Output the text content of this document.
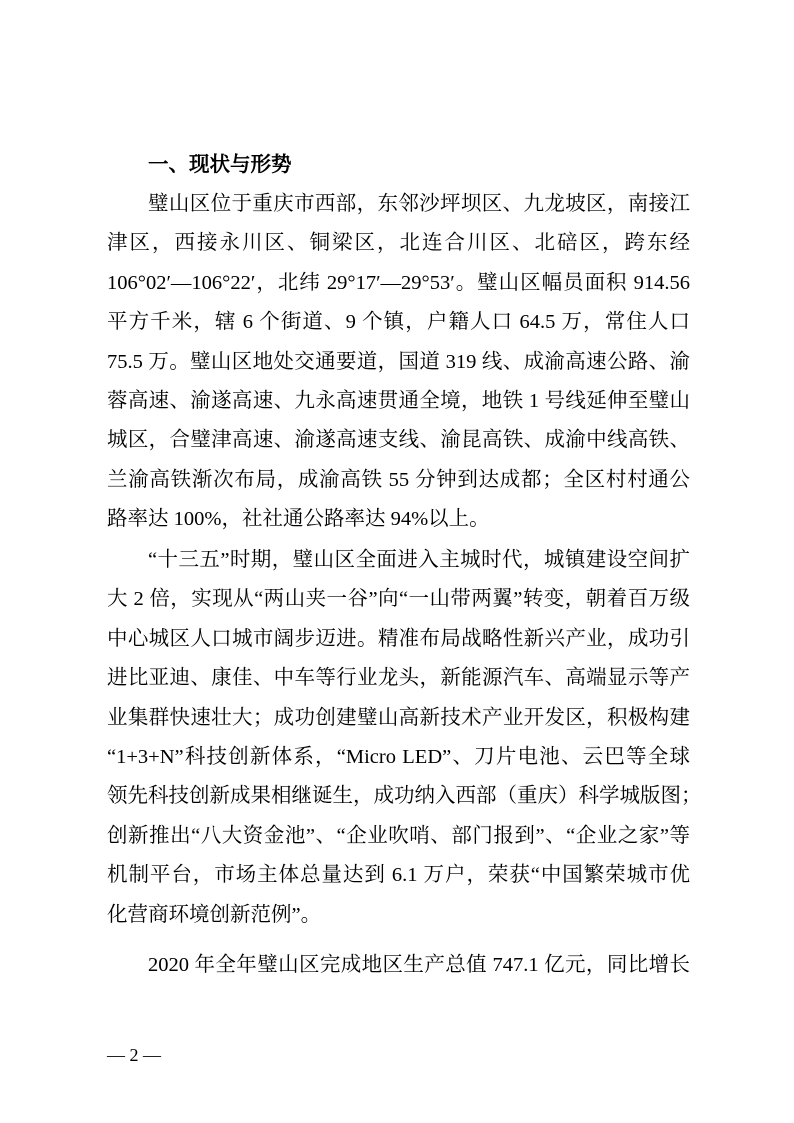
一、现状与形势
璧山区位于重庆市西部，东邻沙坪坝区、九龙坡区，南接江
津区，西接永川区、铜梁区，北连合川区、北碚区，跨东经
106°02′—106°22′，北纬 29°17′—29°53′。璧山区幅员面积 914.56
平方千米，辖 6 个街道、9 个镇，户籍人口 64.5 万，常住人口
75.5 万。璧山区地处交通要道，国道 319 线、成渝高速公路、渝
蓉高速、渝遂高速、九永高速贯通全境，地铁 1 号线延伸至璧山
城区，合璧津高速、渝遂高速支线、渝昆高铁、成渝中线高铁、
兰渝高铁渐次布局，成渝高铁 55 分钟到达成都；全区村村通公
路率达 100%，社社通公路率达 94%以上。
“十三五”时期，璧山区全面进入主城时代，城镇建设空间扩
大 2 倍，实现从“两山夹一谷”向“一山带两翼”转变，朝着百万级
中心城区人口城市阔步迈进。精准布局战略性新兴产业，成功引
进比亚迪、康佳、中车等行业龙头，新能源汽车、高端显示等产
业集群快速壮大；成功创建璧山高新技术产业开发区，积极构建
“1+3+N”科技创新体系，“Micro LED”、刀片电池、云巴等全球
领先科技创新成果相继诞生，成功纳入西部（重庆）科学城版图；
创新推出“八大资金池”、“企业吹哨、部门报到”、“企业之家”等
机制平台，市场主体总量达到 6.1 万户，荣获“中国繁荣城市优
化营商环境创新范例”。
2020 年全年璧山区完成地区生产总值 747.1 亿元，同比增长
— 2 —
